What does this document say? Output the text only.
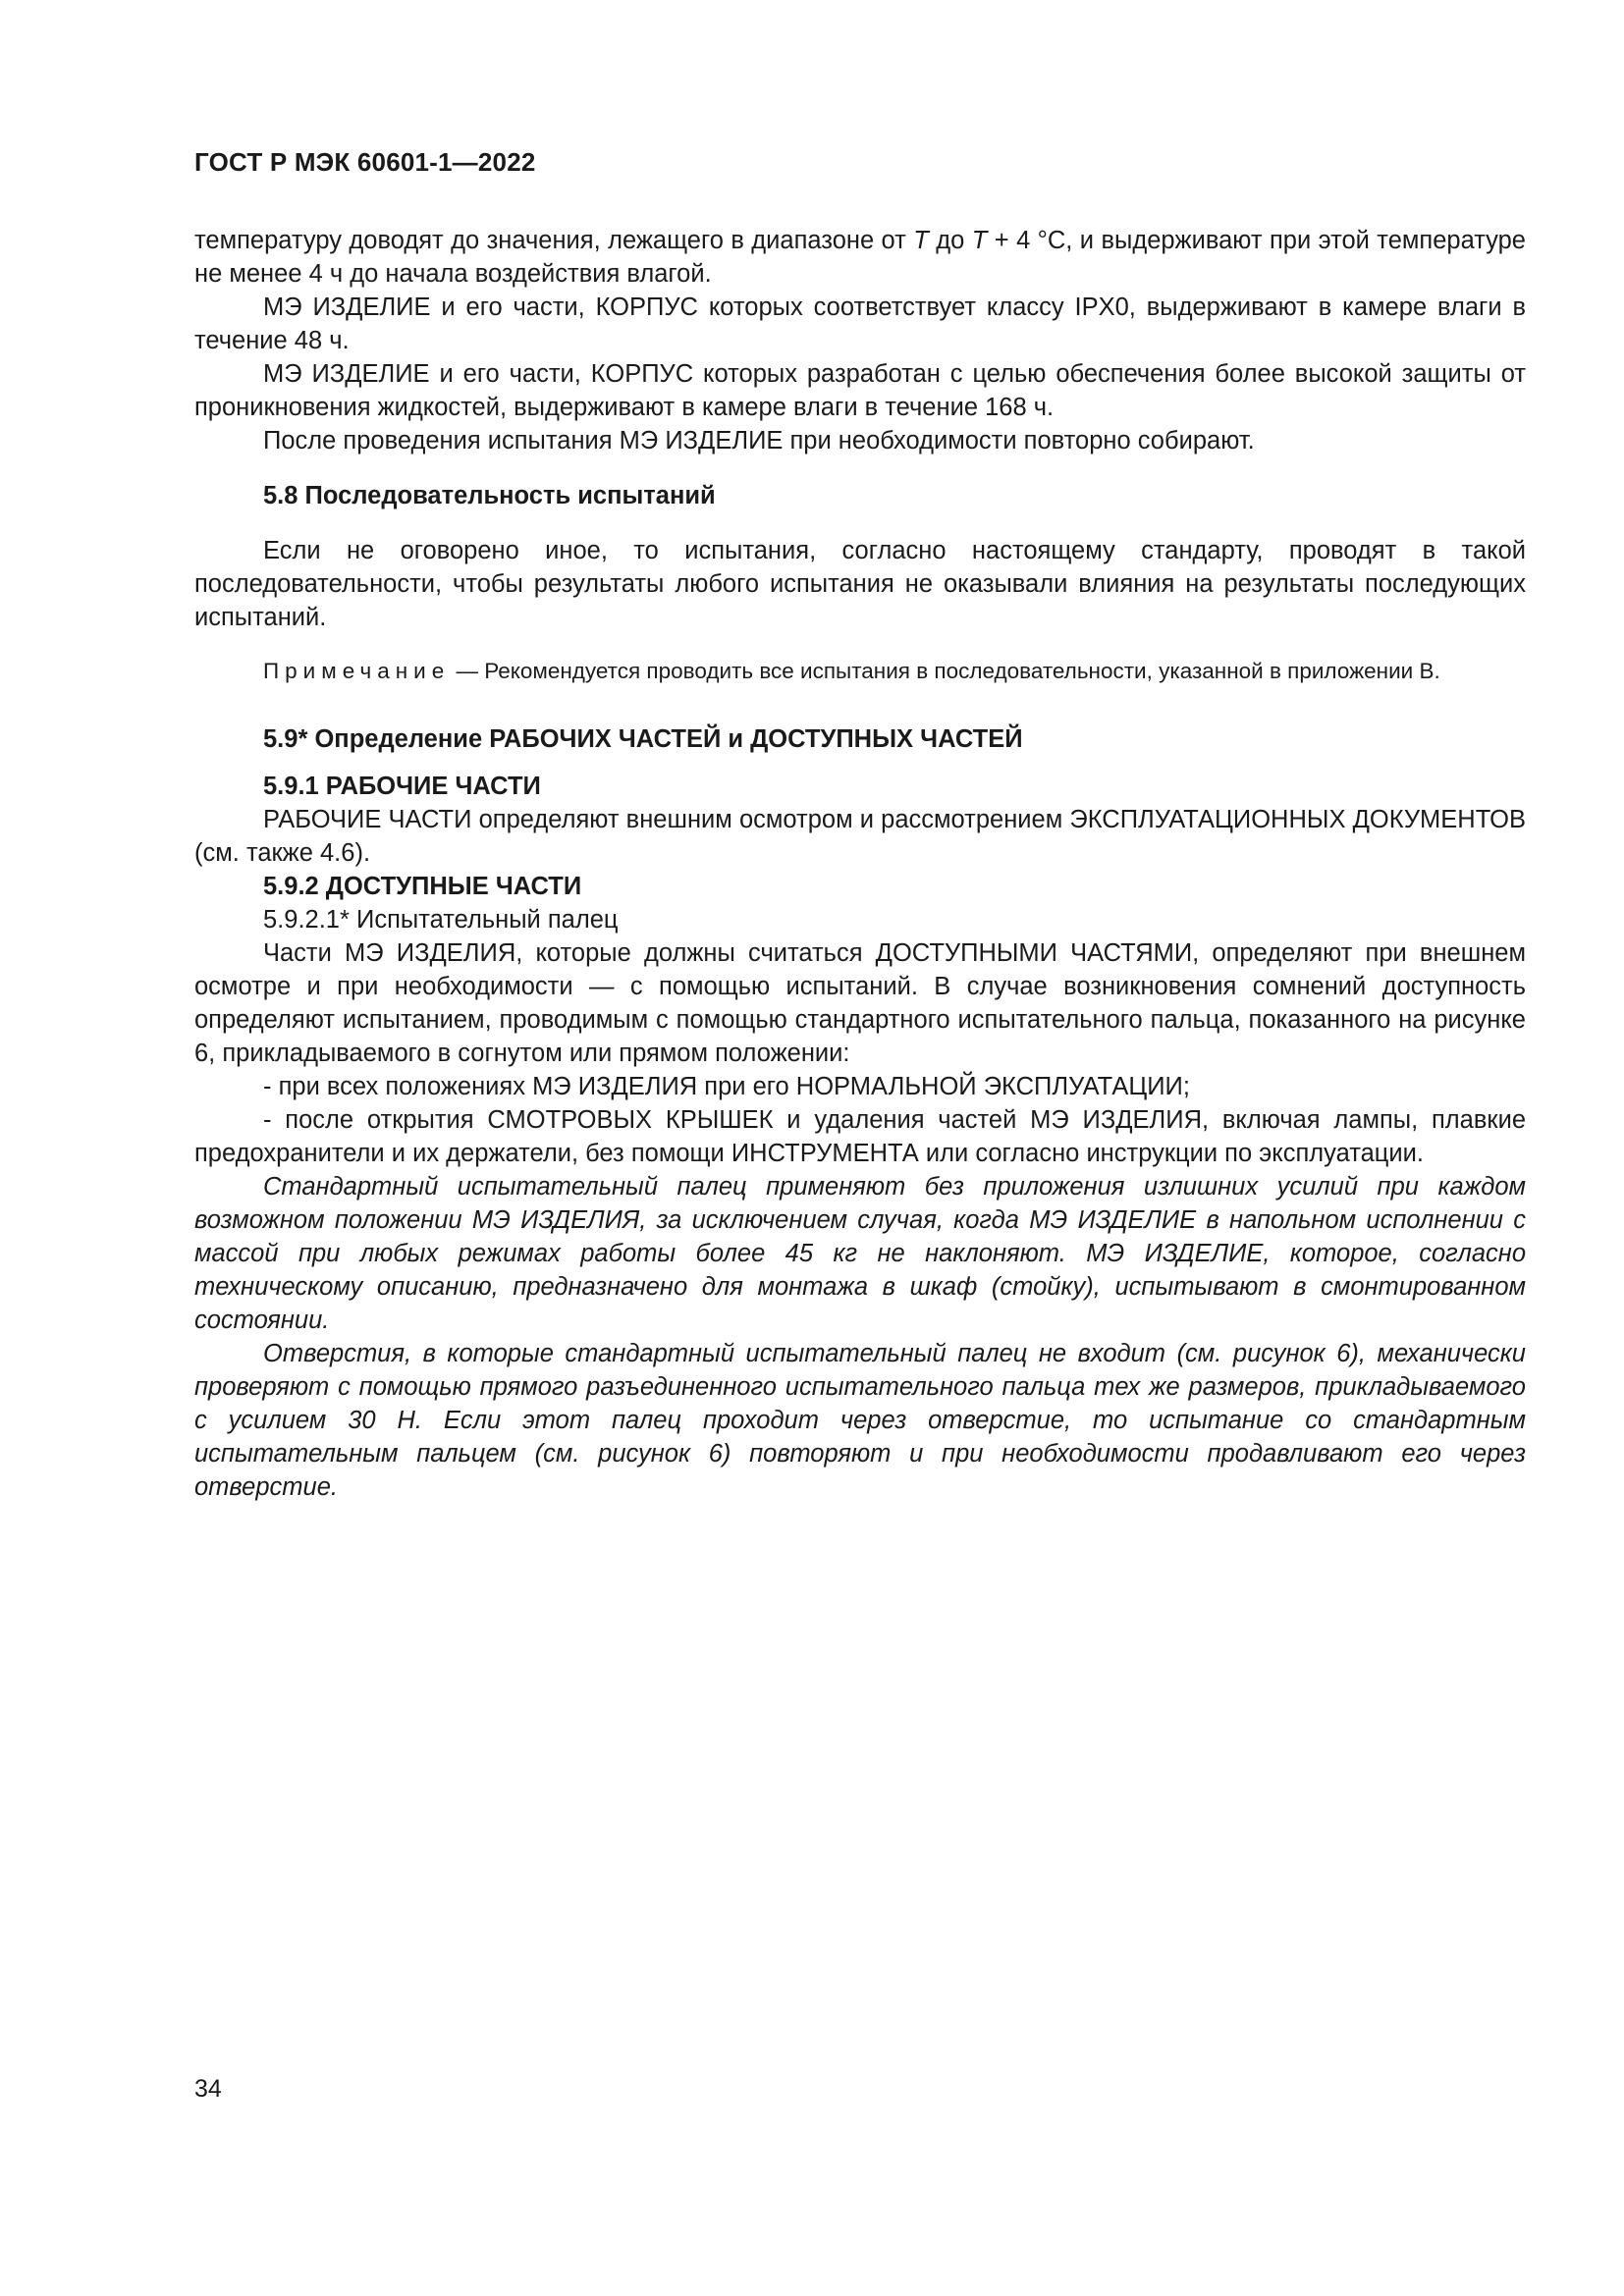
ГОСТ Р МЭК 60601-1—2022

температуру доводят до значения, лежащего в диапазоне от T до T + 4 °С, и выдерживают при этой температуре не менее 4 ч до начала воздействия влагой.

МЭ ИЗДЕЛИЕ и его части, КОРПУС которых соответствует классу IPX0, выдерживают в камере влаги в течение 48 ч.

МЭ ИЗДЕЛИЕ и его части, КОРПУС которых разработан с целью обеспечения более высокой защиты от проникновения жидкостей, выдерживают в камере влаги в течение 168 ч.

После проведения испытания МЭ ИЗДЕЛИЕ при необходимости повторно собирают.

5.8 Последовательность испытаний

Если не оговорено иное, то испытания, согласно настоящему стандарту, проводят в такой последовательности, чтобы результаты любого испытания не оказывали влияния на результаты последующих испытаний.

Примечание — Рекомендуется проводить все испытания в последовательности, указанной в приложении В.

5.9* Определение РАБОЧИХ ЧАСТЕЙ и ДОСТУПНЫХ ЧАСТЕЙ
5.9.1 РАБОЧИЕ ЧАСТИ

РАБОЧИЕ ЧАСТИ определяют внешним осмотром и рассмотрением ЭКСПЛУАТАЦИОННЫХ ДОКУМЕНТОВ (см. также 4.6).

5.9.2 ДОСТУПНЫЕ ЧАСТИ

5.9.2.1* Испытательный палец

Части МЭ ИЗДЕЛИЯ, которые должны считаться ДОСТУПНЫМИ ЧАСТЯМИ, определяют при внешнем осмотре и при необходимости — с помощью испытаний. В случае возникновения сомнений доступность определяют испытанием, проводимым с помощью стандартного испытательного пальца, показанного на рисунке 6, прикладываемого в согнутом или прямом положении:

- при всех положениях МЭ ИЗДЕЛИЯ при его НОРМАЛЬНОЙ ЭКСПЛУАТАЦИИ;

- после открытия СМОТРОВЫХ КРЫШЕК и удаления частей МЭ ИЗДЕЛИЯ, включая лампы, плавкие предохранители и их держатели, без помощи ИНСТРУМЕНТА или согласно инструкции по эксплуатации.

Стандартный испытательный палец применяют без приложения излишних усилий при каждом возможном положении МЭ ИЗДЕЛИЯ, за исключением случая, когда МЭ ИЗДЕЛИЕ в напольном исполнении с массой при любых режимах работы более 45 кг не наклоняют. МЭ ИЗДЕЛИЕ, которое, согласно техническому описанию, предназначено для монтажа в шкаф (стойку), испытывают в смонтированном состоянии.

Отверстия, в которые стандартный испытательный палец не входит (см. рисунок 6), механически проверяют с помощью прямого разъединенного испытательного пальца тех же размеров, прикладываемого с усилием 30 Н. Если этот палец проходит через отверстие, то испытание со стандартным испытательным пальцем (см. рисунок 6) повторяют и при необходимости продавливают его через отверстие.

34
